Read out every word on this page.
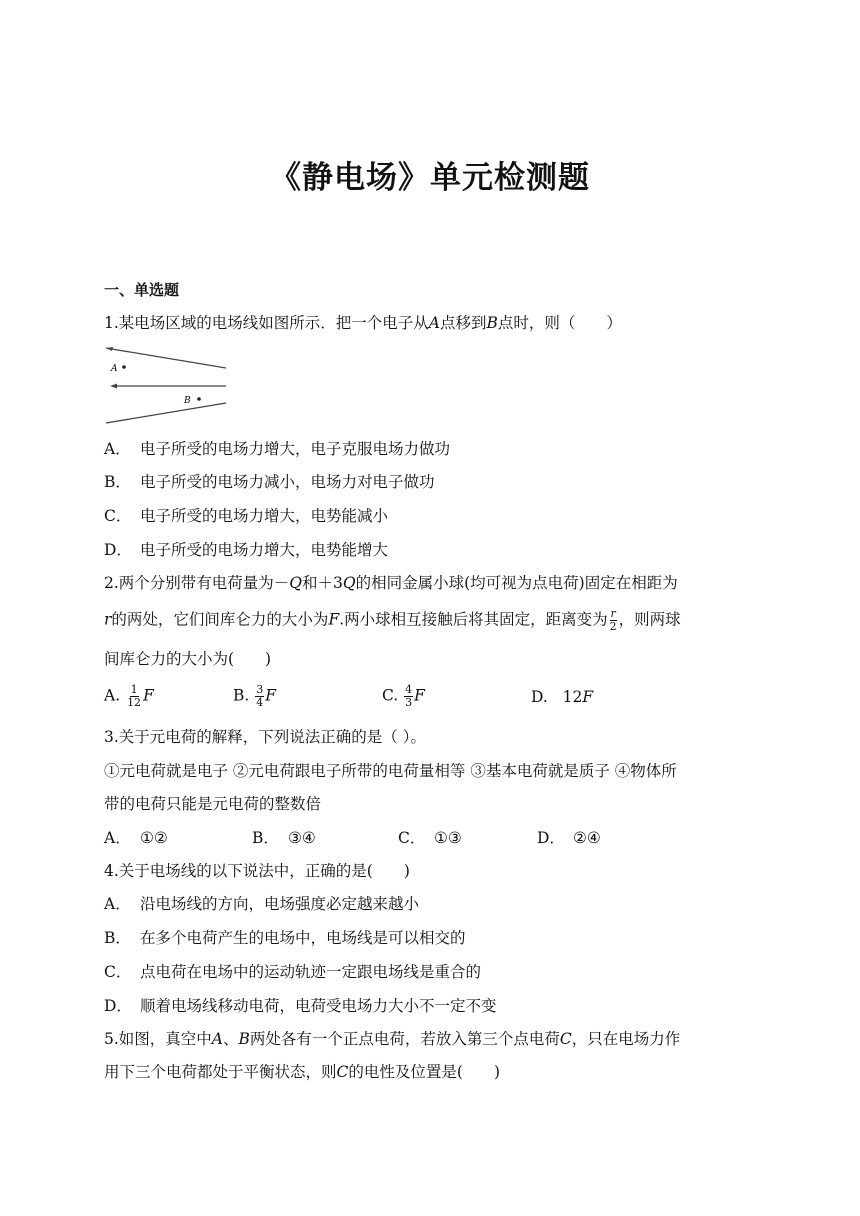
《静电场》单元检测题
一、单选题
1.某电场区域的电场线如图所示．把一个电子从A点移到B点时，则（　　）
A
B
A． 电子所受的电场力增大，电子克服电场力做功
B． 电子所受的电场力减小，电场力对电子做功
C． 电子所受的电场力增大，电势能减小
D． 电子所受的电场力增大，电势能增大
2.两个分别带有电荷量为－Q和＋3Q的相同金属小球(均可视为点电荷)固定在相距为
r的两处，它们间库仑力的大小为F.两小球相互接触后将其固定，距离变为 $\frac{r}{2}$ ，则两球
间库仑力的大小为(　　)
A. $\frac{1}{12}$ F	B. $\frac{3}{4}$ F	C. $\frac{4}{3}$ F	D. 12F
3.关于元电荷的解释，下列说法正确的是（ ）。
①元电荷就是电子 ②元电荷跟电子所带的电荷量相等 ③基本电荷就是质子 ④物体所
带的电荷只能是元电荷的整数倍
A． ①②	B． ③④	C． ①③	D． ②④
4.关于电场线的以下说法中，正确的是(　　)
A． 沿电场线的方向，电场强度必定越来越小
B． 在多个电荷产生的电场中，电场线是可以相交的
C． 点电荷在电场中的运动轨迹一定跟电场线是重合的
D． 顺着电场线移动电荷，电荷受电场力大小不一定不变
5.如图，真空中A、B两处各有一个正点电荷，若放入第三个点电荷C，只在电场力作
用下三个电荷都处于平衡状态，则C的电性及位置是(　　)
